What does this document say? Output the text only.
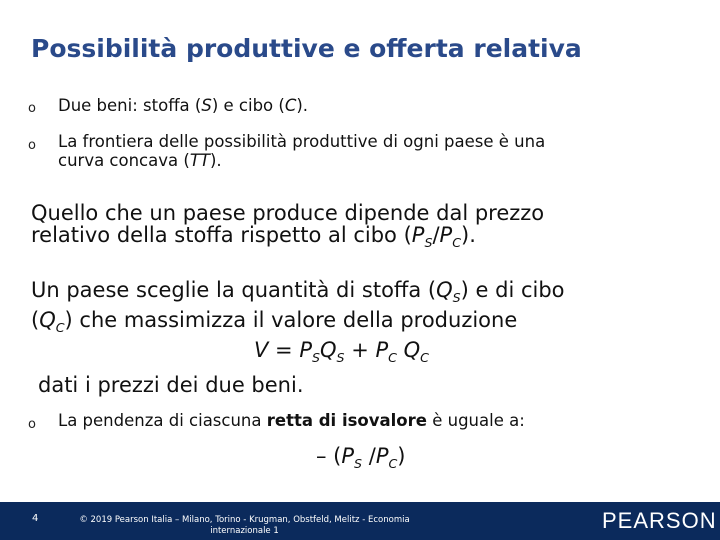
Possibilità produttive e offerta relativa
o Due beni: stoffa (S) e cibo (C).
o La frontiera delle possibilità produttive di ogni paese è una
curva concava (TT).
Quello che un paese produce dipende dal prezzo
relativo della stoffa rispetto al cibo $(P_S/P_C)$.
Un paese sceglie la quantità di stoffa $(Q_S)$ e di cibo
$(Q_C)$ che massimizza il valore della produzione
$V = P_SQ_S + P_C$ $Q_C$
dati i prezzi dei due beni.
o La pendenza di ciascuna retta di isovalore è uguale a:
– ($P_S$ $/P_C$)
4	© 2019 Pearson Italia – Milano, Torino - Krugman, Obstfeld, Melitz - Economia
internazionale 1	PEARSON
